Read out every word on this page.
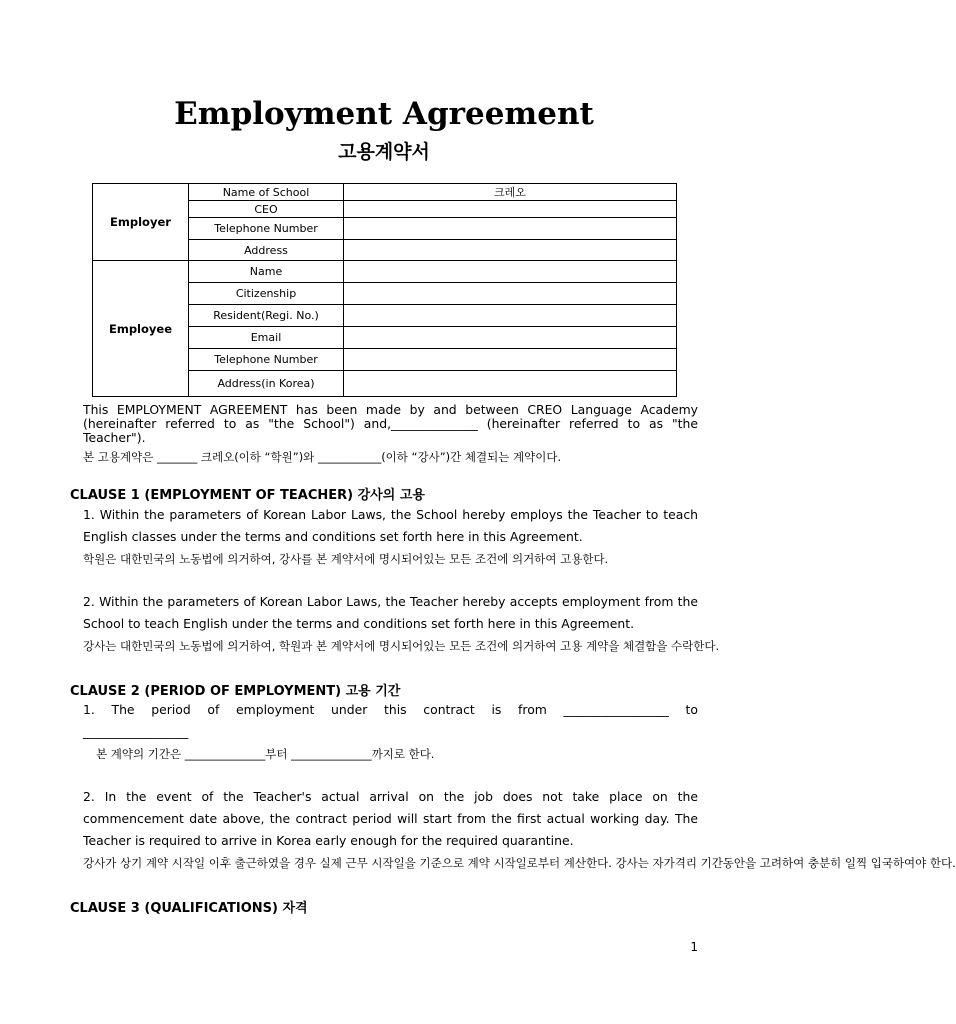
Employment Agreement
고용계약서
Employer	Name of School	크레오
	CEO	
	Telephone Number	
	Address	
Employee	Name	
	Citizenship	
	Resident(Regi. No.)	
	Email	
	Telephone Number	
	Address(in Korea)	

This EMPLOYMENT AGREEMENT has been made by and between CREO Language Academy (hereinafter referred to as "the School") and,______________ (hereinafter referred to as "the Teacher").

본 고용계약은 _______ 크레오(이하 “학원”)와 ___________(이하 “강사”)간 체결되는 계약이다.

CLAUSE 1 (EMPLOYMENT OF TEACHER) 강사의 고용

1. Within the parameters of Korean Labor Laws, the School hereby employs the Teacher to teach English classes under the terms and conditions set forth here in this Agreement.

학원은 대한민국의 노동법에 의거하여, 강사를 본 계약서에 명시되어있는 모든 조건에 의거하여 고용한다.

2. Within the parameters of Korean Labor Laws, the Teacher hereby accepts employment from the School to teach English under the terms and conditions set forth here in this Agreement.

강사는 대한민국의 노동법에 의거하여, 학원과 본 계약서에 명시되어있는 모든 조건에 의거하여 고용 계약을 체결함을 수락한다.

CLAUSE 2 (PERIOD OF EMPLOYMENT) 고용 기간

1. The period of employment under this contract is from _________________ to _________________

본 계약의 기간은 ______________부터 ______________까지로 한다.

2. In the event of the Teacher's actual arrival on the job does not take place on the commencement date above, the contract period will start from the first actual working day. The Teacher is required to arrive in Korea early enough for the required quarantine.

강사가 상기 계약 시작일 이후 출근하였을 경우 실제 근무 시작일을 기준으로 계약 시작일로부터 계산한다. 강사는 자가격리 기간동안을 고려하여 충분히 일찍 입국하여야 한다.

CLAUSE 3 (QUALIFICATIONS) 자격

1
